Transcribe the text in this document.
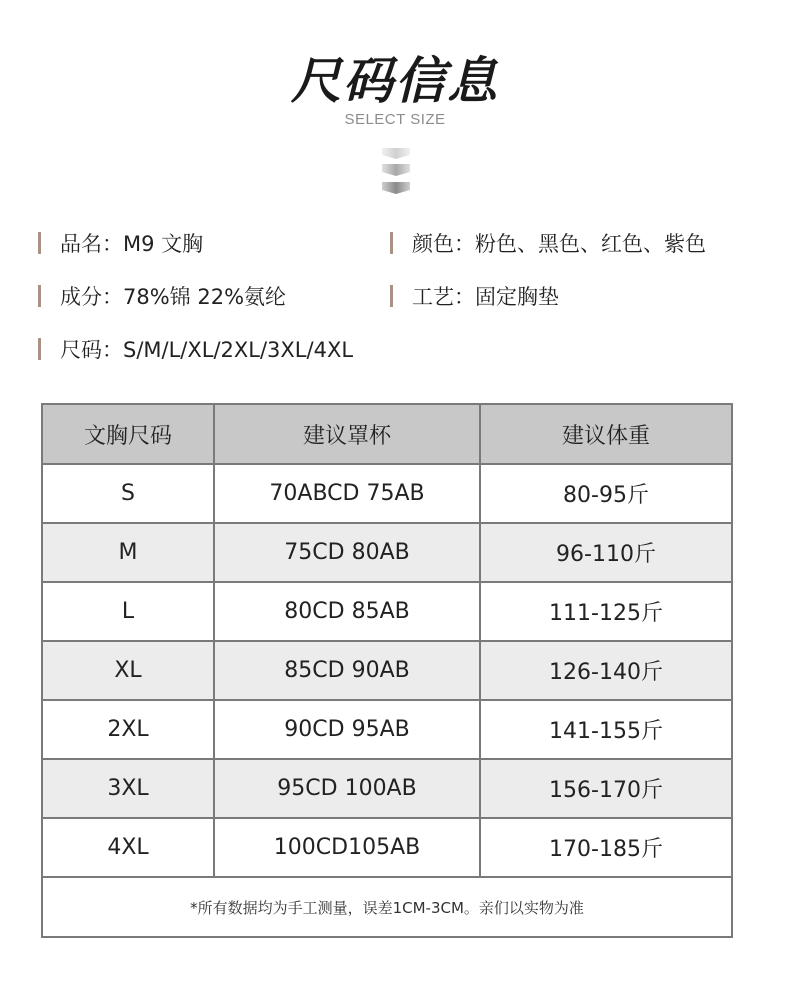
尺码信息
SELECT SIZE
品名：M9 文胸	颜色：粉色、黑色、红色、紫色
成分：78%锦 22%氨纶	工艺：固定胸垫
尺码：S/M/L/XL/2XL/3XL/4XL
文胸尺码	建议罩杯	建议体重
S	70ABCD 75AB	80-95斤
M	75CD 80AB	96-110斤
L	80CD 85AB	111-125斤
XL	85CD 90AB	126-140斤
2XL	90CD 95AB	141-155斤
3XL	95CD 100AB	156-170斤
4XL	100CD105AB	170-185斤
*所有数据均为手工测量，误差1CM-3CM。亲们以实物为准		
